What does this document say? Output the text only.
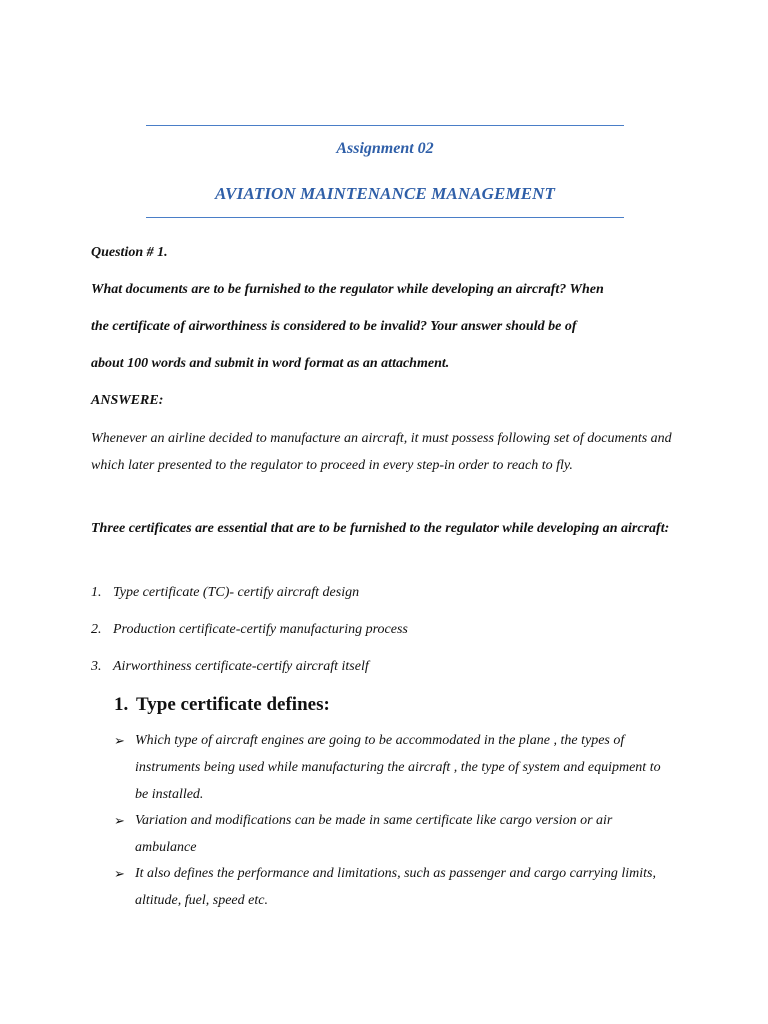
Assignment 02

AVIATION MAINTENANCE MANAGEMENT

Question # 1.

What documents are to be furnished to the regulator while developing an aircraft? When

the certificate of airworthiness is considered to be invalid? Your answer should be of

about 100 words and submit in word format as an attachment.

ANSWERE:

Whenever an airline decided to manufacture an aircraft, it must possess following set of documents and which later presented to the regulator to proceed in every step-in order to reach to fly.

Three certificates are essential that are to be furnished to the regulator while developing an aircraft:

1. Type certificate (TC)- certify aircraft design

2. Production certificate-certify manufacturing process

3. Airworthiness certificate-certify aircraft itself

1. Type certificate defines:

➢ Which type of aircraft engines are going to be accommodated in the plane , the types of instruments being used while manufacturing the aircraft , the type of system and equipment to be installed.
➢ Variation and modifications can be made in same certificate like cargo version or air ambulance
➢ It also defines the performance and limitations, such as passenger and cargo carrying limits, altitude, fuel, speed etc.
